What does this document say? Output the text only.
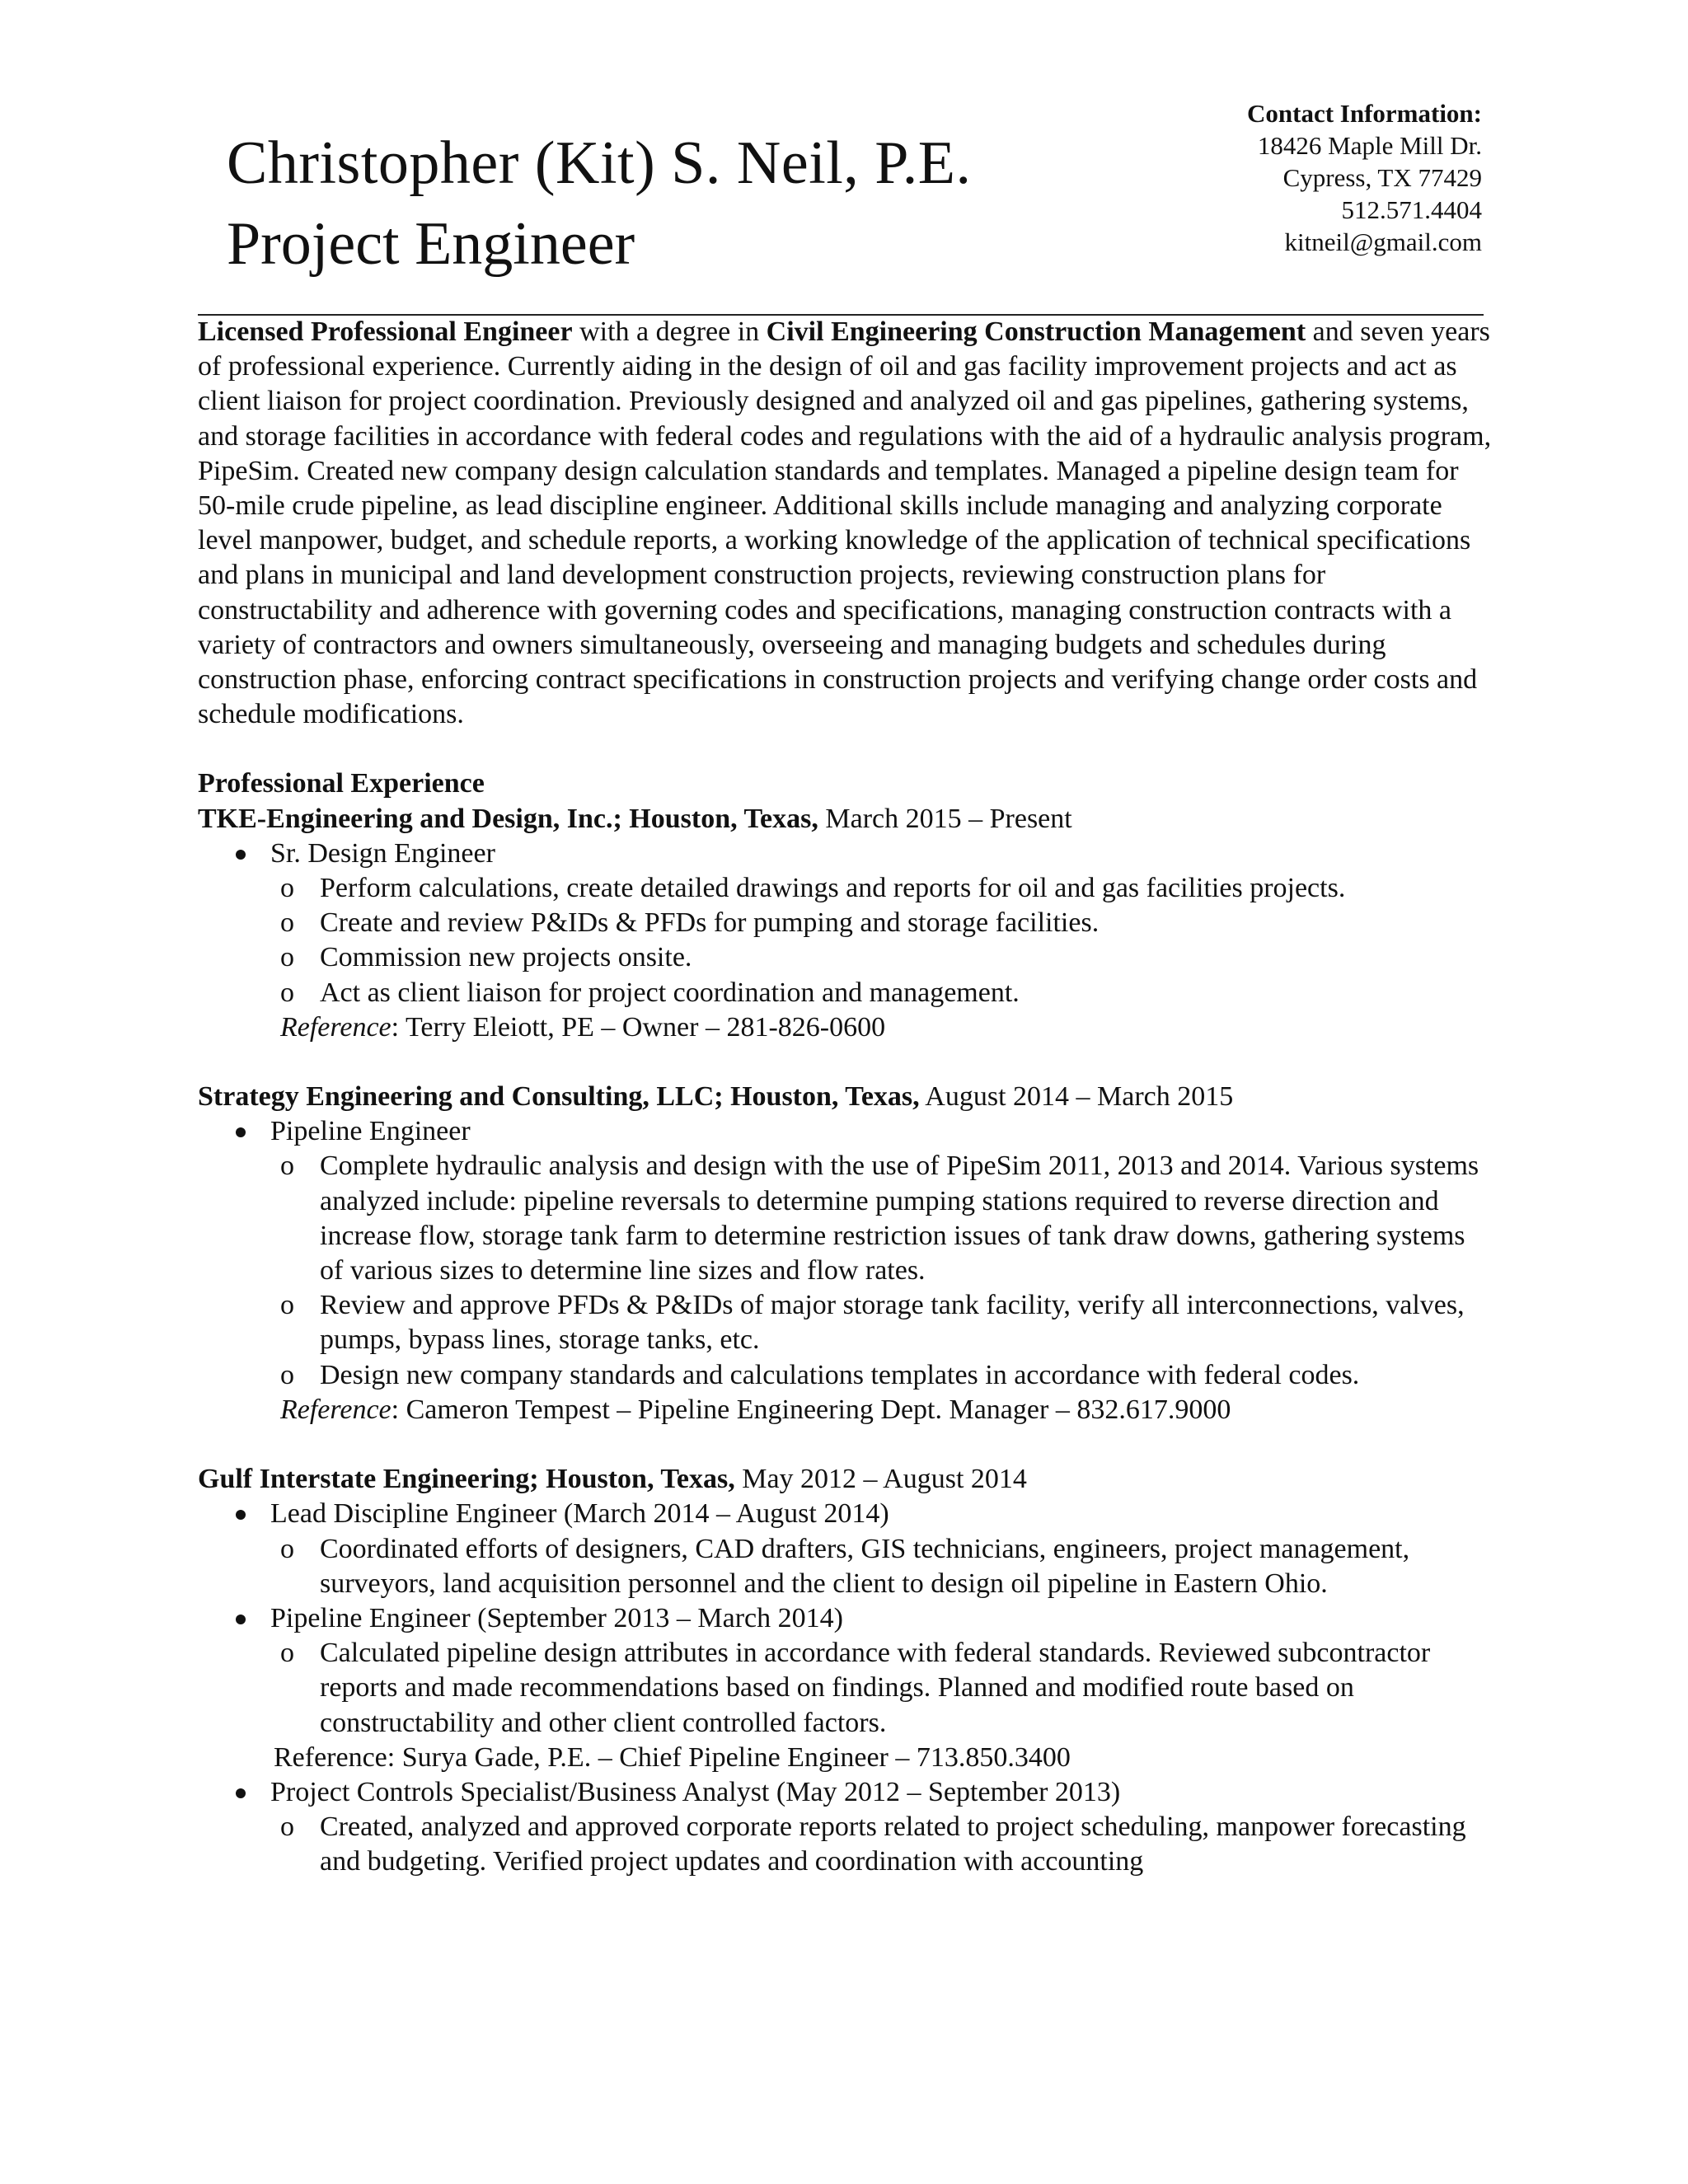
Christopher (Kit) S. Neil, P.E.
Project Engineer
Contact Information:
18426 Maple Mill Dr.
Cypress, TX 77429
512.571.4404
kitneil@gmail.com

Licensed Professional Engineer with a degree in Civil Engineering Construction Management and seven years of professional experience. Currently aiding in the design of oil and gas facility improvement projects and act as client liaison for project coordination. Previously designed and analyzed oil and gas pipelines, gathering systems, and storage facilities in accordance with federal codes and regulations with the aid of a hydraulic analysis program, PipeSim. Created new company design calculation standards and templates. Managed a pipeline design team for 50-mile crude pipeline, as lead discipline engineer. Additional skills include managing and analyzing corporate level manpower, budget, and schedule reports, a working knowledge of the application of technical specifications and plans in municipal and land development construction projects, reviewing construction plans for constructability and adherence with governing codes and specifications, managing construction contracts with a variety of contractors and owners simultaneously, overseeing and managing budgets and schedules during construction phase, enforcing contract specifications in construction projects and verifying change order costs and schedule modifications.

Professional Experience
TKE-Engineering and Design, Inc.; Houston, Texas, March 2015 – Present
Sr. Design Engineer
o Perform calculations, create detailed drawings and reports for oil and gas facilities projects.
o Create and review P&IDs & PFDs for pumping and storage facilities.
o Commission new projects onsite.
o Act as client liaison for project coordination and management.
Reference: Terry Eleiott, PE – Owner – 281-826-0600
Strategy Engineering and Consulting, LLC; Houston, Texas, August 2014 – March 2015
Pipeline Engineer
o Complete hydraulic analysis and design with the use of PipeSim 2011, 2013 and 2014. Various systems analyzed include: pipeline reversals to determine pumping stations required to reverse direction and increase flow, storage tank farm to determine restriction issues of tank draw downs, gathering systems of various sizes to determine line sizes and flow rates.
o Review and approve PFDs & P&IDs of major storage tank facility, verify all interconnections, valves, pumps, bypass lines, storage tanks, etc.
o Design new company standards and calculations templates in accordance with federal codes.
Reference: Cameron Tempest – Pipeline Engineering Dept. Manager – 832.617.9000
Gulf Interstate Engineering; Houston, Texas, May 2012 – August 2014
Lead Discipline Engineer (March 2014 – August 2014)
o Coordinated efforts of designers, CAD drafters, GIS technicians, engineers, project management, surveyors, land acquisition personnel and the client to design oil pipeline in Eastern Ohio.
Pipeline Engineer (September 2013 – March 2014)
o Calculated pipeline design attributes in accordance with federal standards. Reviewed subcontractor reports and made recommendations based on findings. Planned and modified route based on constructability and other client controlled factors.
Reference: Surya Gade, P.E. – Chief Pipeline Engineer – 713.850.3400
Project Controls Specialist/Business Analyst (May 2012 – September 2013)
o Created, analyzed and approved corporate reports related to project scheduling, manpower forecasting and budgeting. Verified project updates and coordination with accounting
